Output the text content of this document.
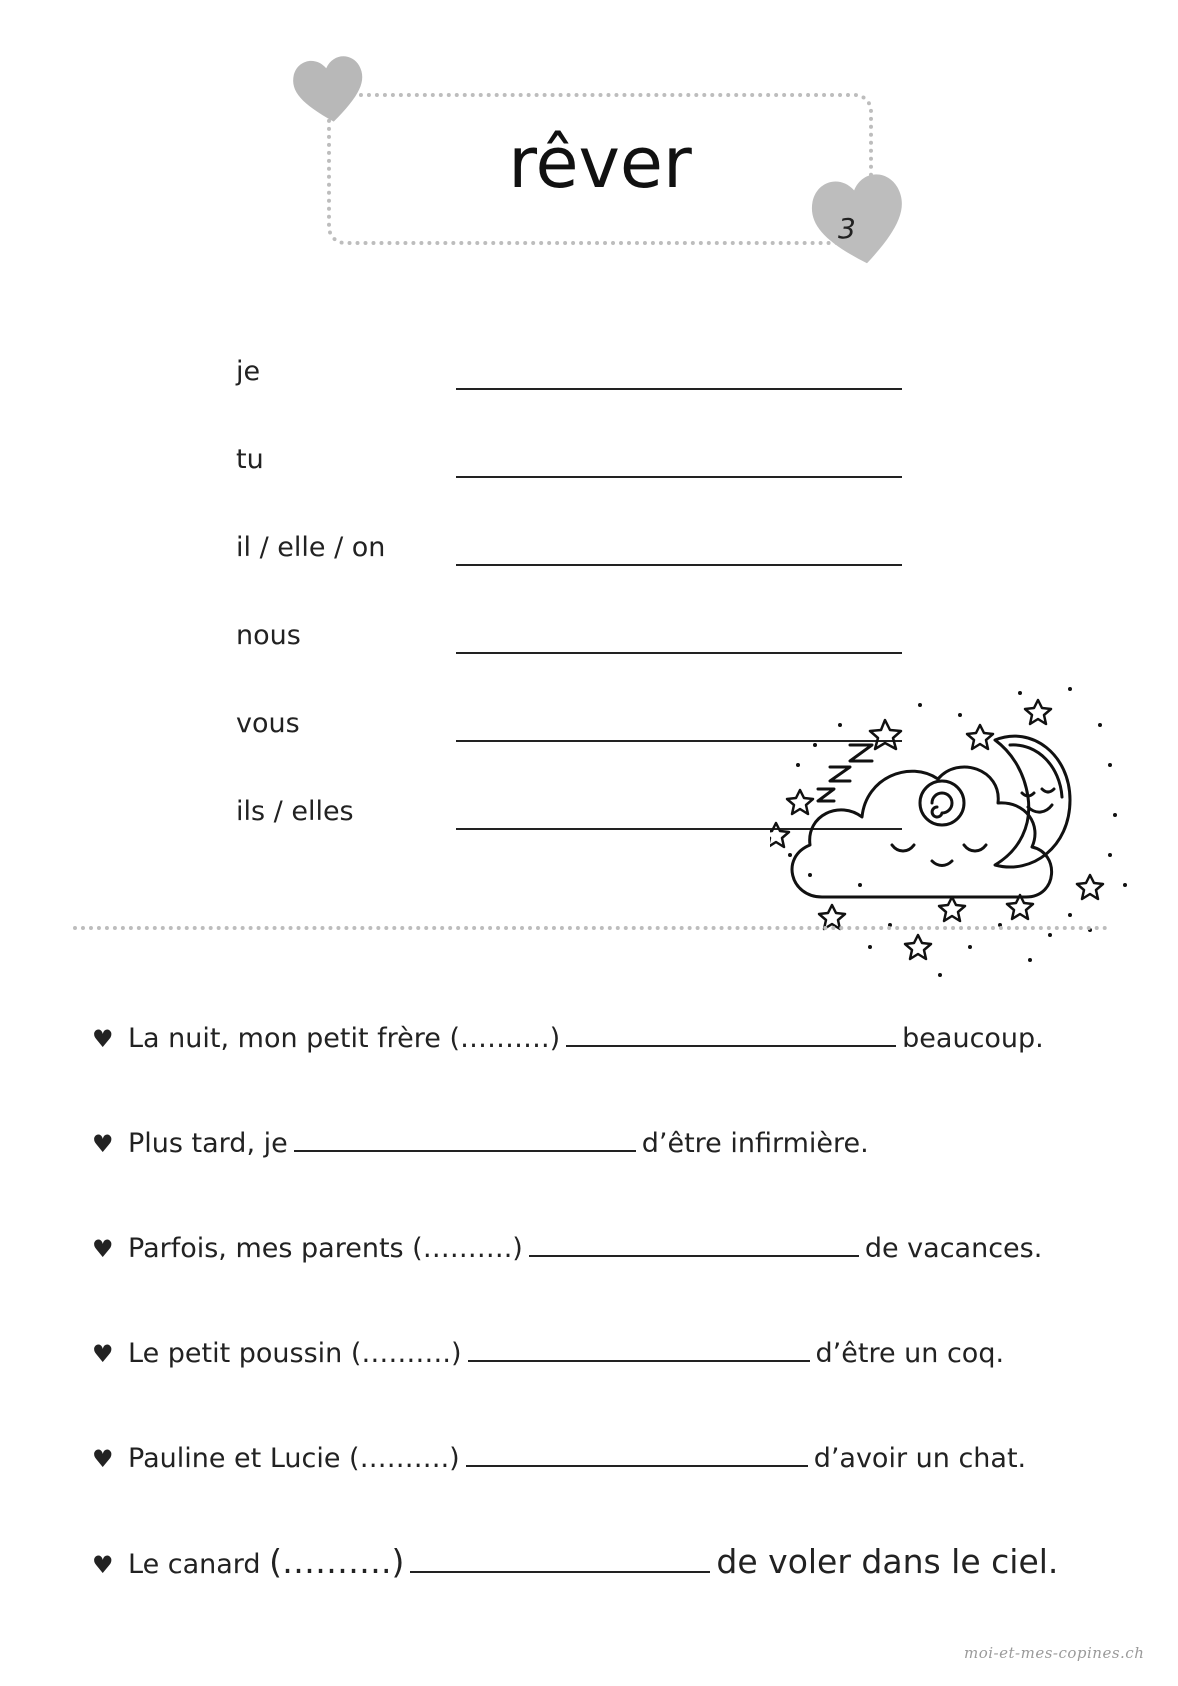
rêver
3
je
tu
il / elle / on
nous
vous
ils / elles
♥ La nuit, mon petit frère (……….)	beaucoup.
♥ Plus tard, je	d’être infirmière.
♥ Parfois, mes parents (……….)	de vacances.
♥ Le petit poussin (……….)	d’être un coq.
♥ Pauline et Lucie (……….)	d’avoir un chat.
♥ Le canard (……….)	de voler dans le ciel.
moi-et-mes-copines.ch
